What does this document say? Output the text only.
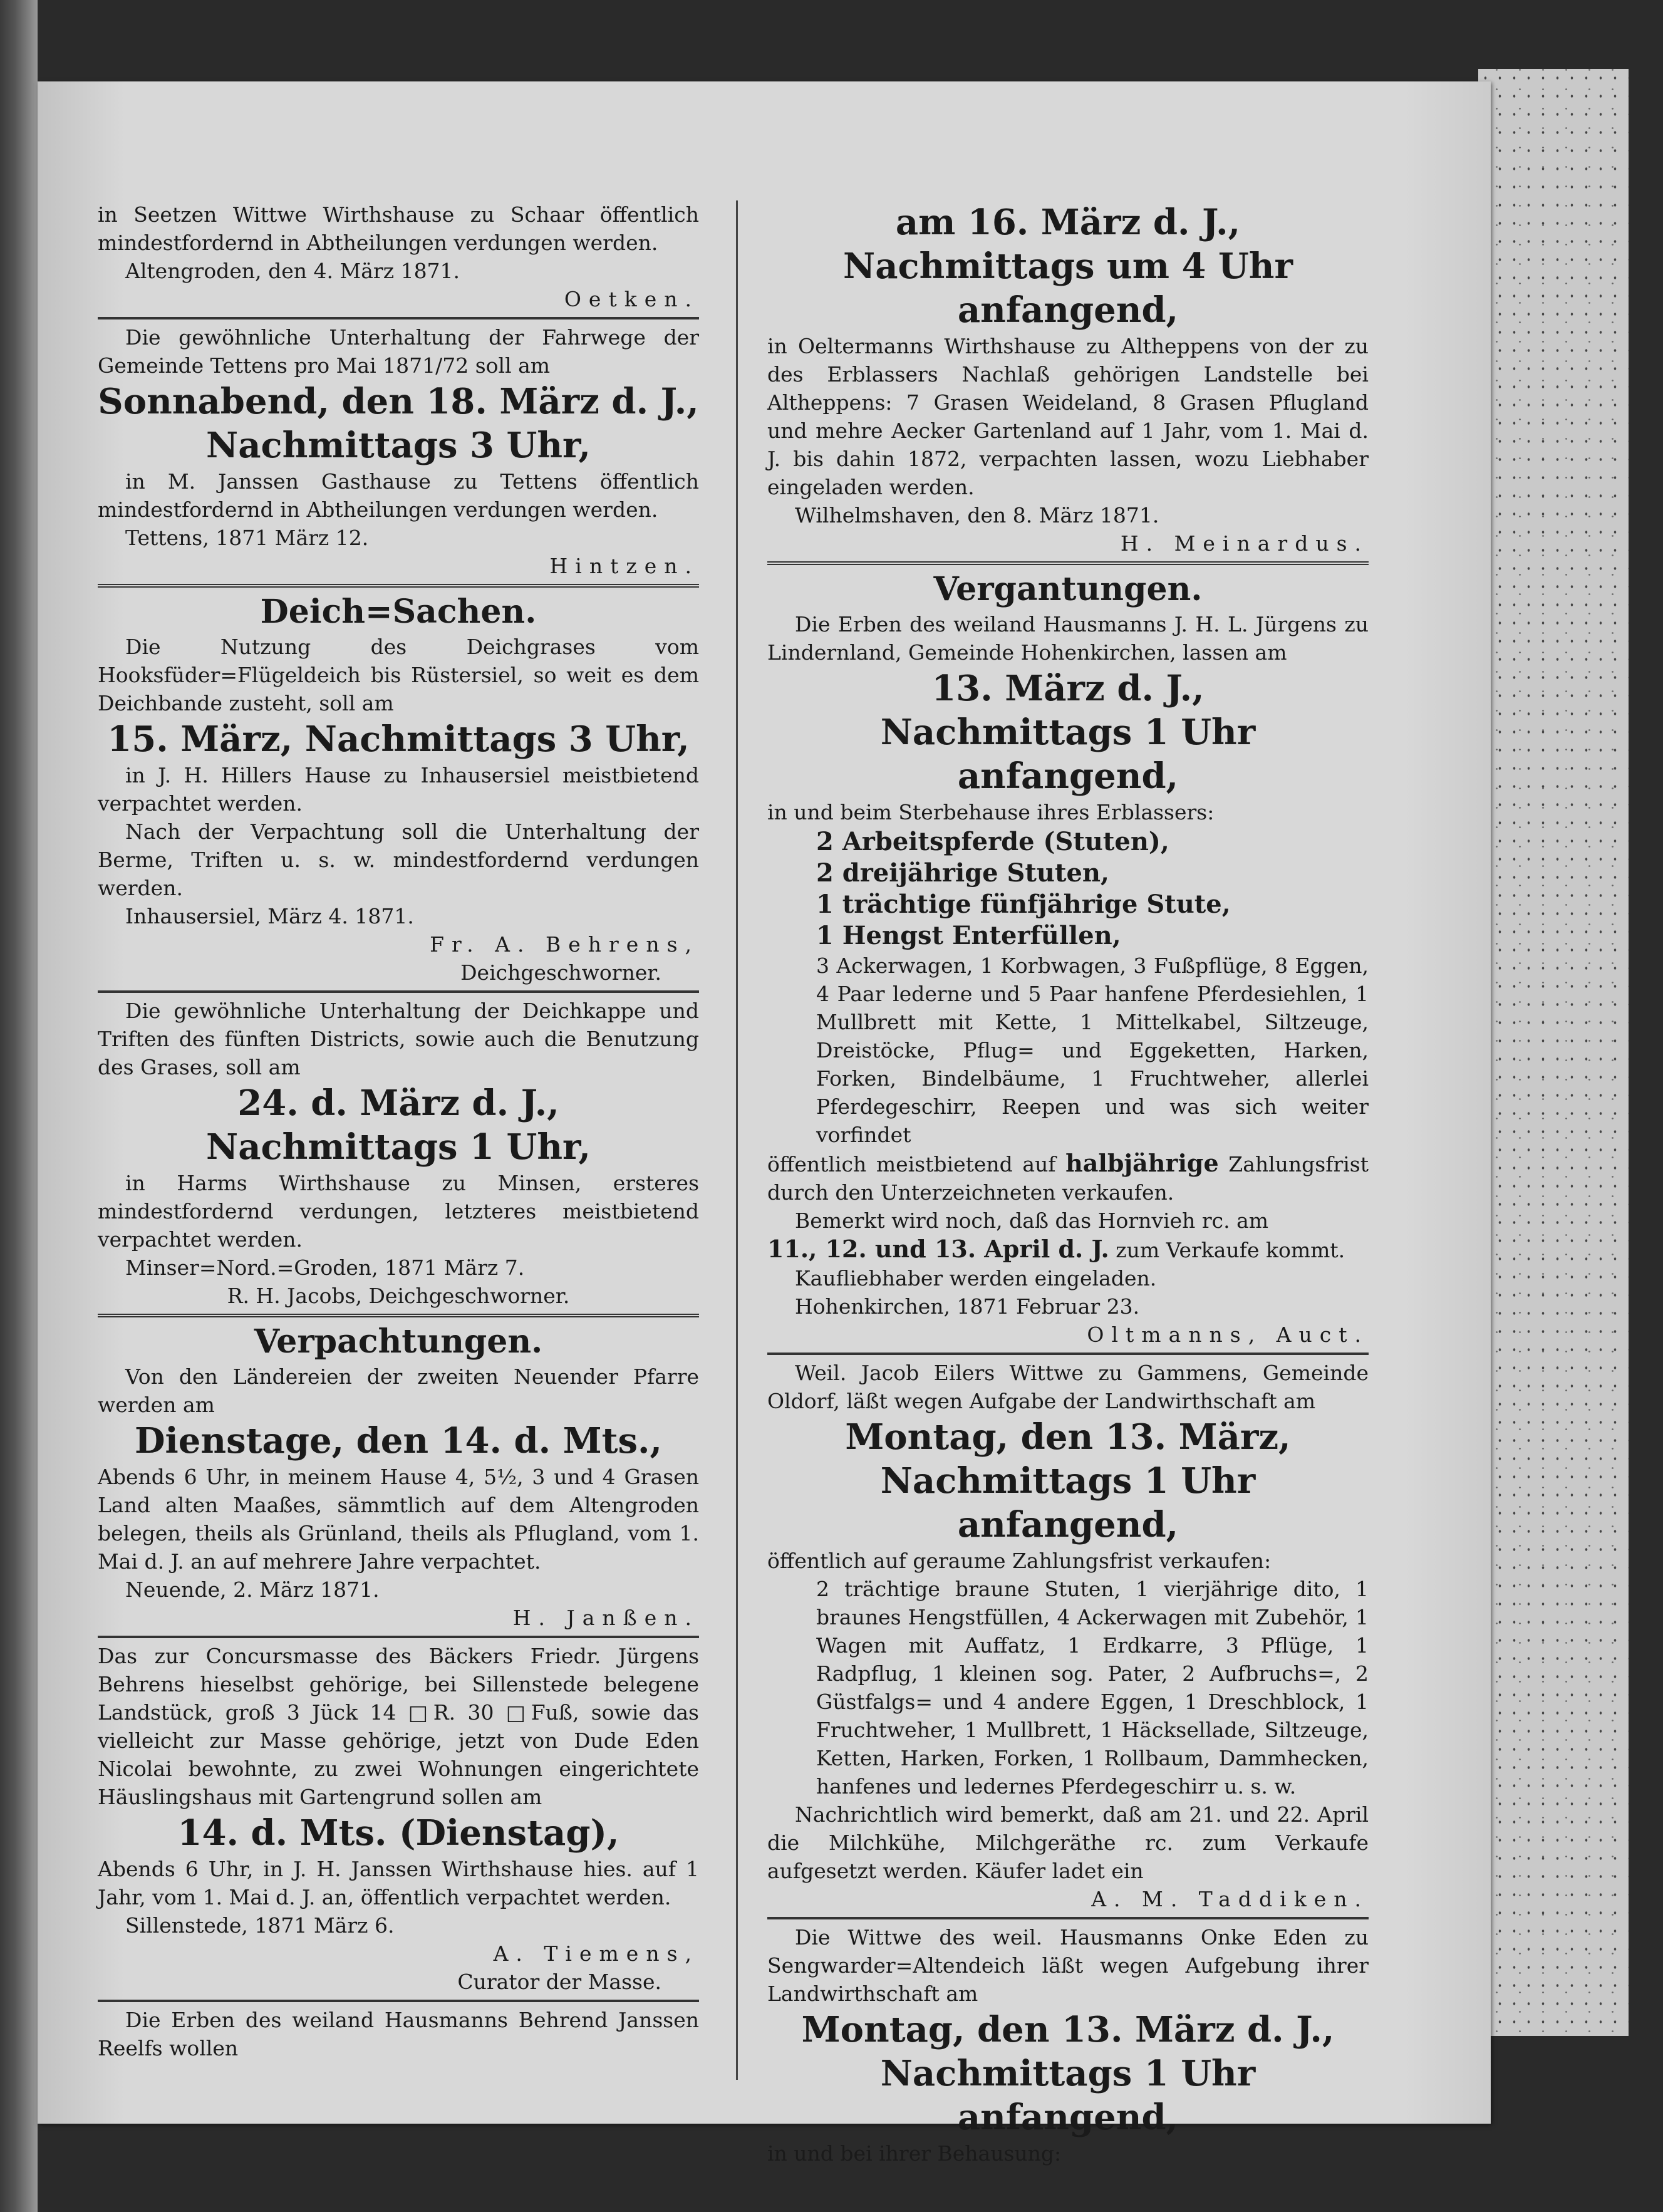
in Seetzen Wittwe Wirthshause zu Schaar öffentlich mindestfordernd in Abtheilungen verdungen werden.

Altengroden, den 4. März 1871.

Oetken.

Die gewöhnliche Unterhaltung der Fahrwege der Gemeinde Tettens pro Mai 1871/72 soll am

Sonnabend, den 18. März d. J.,

Nachmittags 3 Uhr,

in M. Janssen Gasthause zu Tettens öffentlich mindestfordernd in Abtheilungen verdungen werden.

Tettens, 1871 März 12.

Hintzen.

Deich=Sachen.

Die Nutzung des Deichgrases vom Hooksfüder=Flügeldeich bis Rüstersiel, so weit es dem Deichbande zusteht, soll am

15. März, Nachmittags 3 Uhr,

in J. H. Hillers Hause zu Inhausersiel meistbietend verpachtet werden.

Nach der Verpachtung soll die Unterhaltung der Berme, Triften u. s. w. mindestfordernd verdungen werden.

Inhausersiel, März 4. 1871.

Fr. A. Behrens,

Deichgeschworner.

Die gewöhnliche Unterhaltung der Deichkappe und Triften des fünften Districts, sowie auch die Benutzung des Grases, soll am

24. d. März d. J.,

Nachmittags 1 Uhr,

in Harms Wirthshause zu Minsen, ersteres mindestfordernd verdungen, letzteres meistbietend verpachtet werden.

Minser=Nord.=Groden, 1871 März 7.

R. H. Jacobs, Deichgeschworner.

Verpachtungen.

Von den Ländereien der zweiten Neuender Pfarre werden am

Dienstage, den 14. d. Mts.,

Abends 6 Uhr, in meinem Hause 4, 5½, 3 und 4 Grasen Land alten Maaßes, sämmtlich auf dem Altengroden belegen, theils als Grünland, theils als Pflugland, vom 1. Mai d. J. an auf mehrere Jahre verpachtet.

Neuende, 2. März 1871.

H. Janßen.

Das zur Concursmasse des Bäckers Friedr. Jürgens Behrens hieselbst gehörige, bei Sillenstede belegene Landstück, groß 3 Jück 14 □R. 30 □Fuß, sowie das vielleicht zur Masse gehörige, jetzt von Dude Eden Nicolai bewohnte, zu zwei Wohnungen eingerichtete Häuslingshaus mit Gartengrund sollen am

14. d. Mts. (Dienstag),

Abends 6 Uhr, in J. H. Janssen Wirthshause hies. auf 1 Jahr, vom 1. Mai d. J. an, öffentlich verpachtet werden.

Sillenstede, 1871 März 6.

A. Tiemens,

Curator der Masse.

Die Erben des weiland Hausmanns Behrend Janssen Reelfs wollen

am 16. März d. J.,

Nachmittags um 4 Uhr anfangend,

in Oeltermanns Wirthshause zu Altheppens von der zu des Erblassers Nachlaß gehörigen Landstelle bei Altheppens: 7 Grasen Weideland, 8 Grasen Pflugland und mehre Aecker Gartenland auf 1 Jahr, vom 1. Mai d. J. bis dahin 1872, verpachten lassen, wozu Liebhaber eingeladen werden.

Wilhelmshaven, den 8. März 1871.

H. Meinardus.

Vergantungen.

Die Erben des weiland Hausmanns J. H. L. Jürgens zu Lindernland, Gemeinde Hohenkirchen, lassen am

13. März d. J.,

Nachmittags 1 Uhr anfangend,

in und beim Sterbehause ihres Erblassers:

2 Arbeitspferde (Stuten),

2 dreijährige Stuten,

1 trächtige fünfjährige Stute,

1 Hengst Enterfüllen,

3 Ackerwagen, 1 Korbwagen, 3 Fußpflüge, 8 Eggen, 4 Paar lederne und 5 Paar hanfene Pferdesiehlen, 1 Mullbrett mit Kette, 1 Mittelkabel, Siltzeuge, Dreistöcke, Pflug= und Eggeketten, Harken, Forken, Bindelbäume, 1 Fruchtweher, allerlei Pferdegeschirr, Reepen und was sich weiter vorfindet

öffentlich meistbietend auf halbjährige Zahlungsfrist durch den Unterzeichneten verkaufen.

Bemerkt wird noch, daß das Hornvieh rc. am

11., 12. und 13. April d. J. zum Verkaufe kommt.

Kaufliebhaber werden eingeladen.

Hohenkirchen, 1871 Februar 23.

Oltmanns, Auct.

Weil. Jacob Eilers Wittwe zu Gammens, Gemeinde Oldorf, läßt wegen Aufgabe der Landwirthschaft am

Montag, den 13. März,

Nachmittags 1 Uhr anfangend,

öffentlich auf geraume Zahlungsfrist verkaufen:

2 trächtige braune Stuten, 1 vierjährige dito, 1 braunes Hengstfüllen, 4 Ackerwagen mit Zubehör, 1 Wagen mit Auffatz, 1 Erdkarre, 3 Pflüge, 1 Radpflug, 1 kleinen sog. Pater, 2 Aufbruchs=, 2 Güstfalgs= und 4 andere Eggen, 1 Dreschblock, 1 Fruchtweher, 1 Mullbrett, 1 Häcksellade, Siltzeuge, Ketten, Harken, Forken, 1 Rollbaum, Dammhecken, hanfenes und ledernes Pferdegeschirr u. s. w.

Nachrichtlich wird bemerkt, daß am 21. und 22. April die Milchkühe, Milchgeräthe rc. zum Verkaufe aufgesetzt werden. Käufer ladet ein

A. M. Taddiken.

Die Wittwe des weil. Hausmanns Onke Eden zu Sengwarder=Altendeich läßt wegen Aufgebung ihrer Landwirthschaft am

Montag, den 13. März d. J.,

Nachmittags 1 Uhr anfangend,

in und bei ihrer Behausung:
